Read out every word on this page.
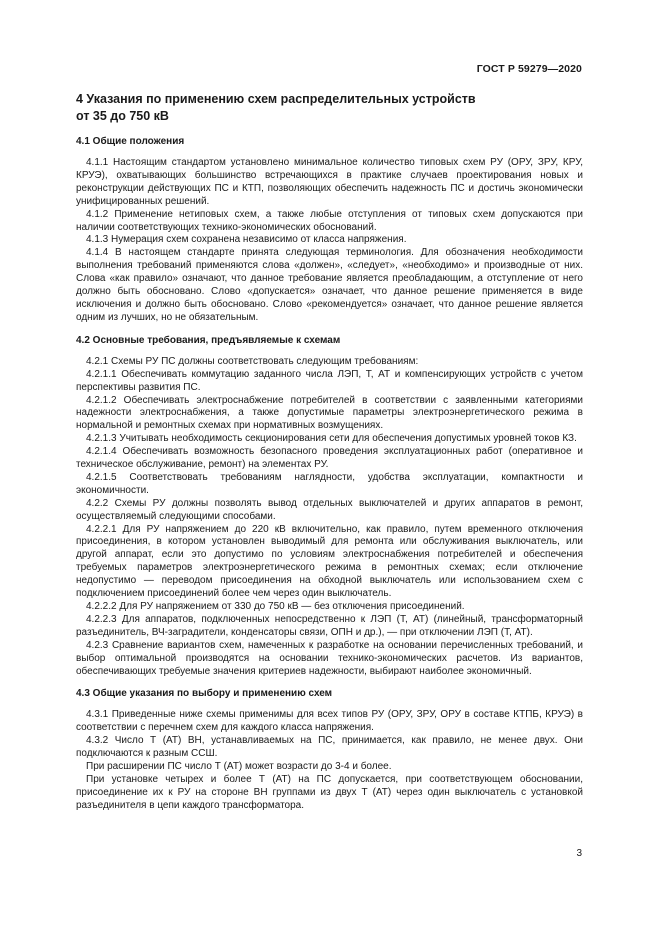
ГОСТ Р 59279—2020
4 Указания по применению схем распределительных устройств
от 35 до 750 кВ
4.1 Общие положения

4.1.1 Настоящим стандартом установлено минимальное количество типовых схем РУ (ОРУ, ЗРУ, КРУ, КРУЭ), охватывающих большинство встречающихся в практике случаев проектирования новых и реконструкции действующих ПС и КТП, позволяющих обеспечить надежность ПС и достичь экономически унифицированных решений.

4.1.2 Применение нетиповых схем, а также любые отступления от типовых схем допускаются при наличии соответствующих технико-экономических обоснований.

4.1.3 Нумерация схем сохранена независимо от класса напряжения.

4.1.4 В настоящем стандарте принята следующая терминология. Для обозначения необходимости выполнения требований применяются слова «должен», «следует», «необходимо» и производные от них. Слова «как правило» означают, что данное требование является преобладающим, а отступление от него должно быть обосновано. Слово «допускается» означает, что данное решение применяется в виде исключения и должно быть обосновано. Слово «рекомендуется» означает, что данное решение является одним из лучших, но не обязательным.

4.2 Основные требования, предъявляемые к схемам

4.2.1 Схемы РУ ПС должны соответствовать следующим требованиям:

4.2.1.1 Обеспечивать коммутацию заданного числа ЛЭП, Т, АТ и компенсирующих устройств с учетом перспективы развития ПС.

4.2.1.2 Обеспечивать электроснабжение потребителей в соответствии с заявленными категориями надежности электроснабжения, а также допустимые параметры электроэнергетического режима в нормальной и ремонтных схемах при нормативных возмущениях.

4.2.1.3 Учитывать необходимость секционирования сети для обеспечения допустимых уровней токов КЗ.

4.2.1.4 Обеспечивать возможность безопасного проведения эксплуатационных работ (оперативное и техническое обслуживание, ремонт) на элементах РУ.

4.2.1.5 Соответствовать требованиям наглядности, удобства эксплуатации, компактности и экономичности.

4.2.2 Схемы РУ должны позволять вывод отдельных выключателей и других аппаратов в ремонт, осуществляемый следующими способами.

4.2.2.1 Для РУ напряжением до 220 кВ включительно, как правило, путем временного отключения присоединения, в котором установлен выводимый для ремонта или обслуживания выключатель, или другой аппарат, если это допустимо по условиям электроснабжения потребителей и обеспечения требуемых параметров электроэнергетического режима в ремонтных схемах; если отключение недопустимо — переводом присоединения на обходной выключатель или использованием схем с подключением присоединений более чем через один выключатель.

4.2.2.2 Для РУ напряжением от 330 до 750 кВ — без отключения присоединений.

4.2.2.3 Для аппаратов, подключенных непосредственно к ЛЭП (Т, АТ) (линейный, трансформаторный разъединитель, ВЧ-заградители, конденсаторы связи, ОПН и др.), — при отключении ЛЭП (Т, АТ).

4.2.3 Сравнение вариантов схем, намеченных к разработке на основании перечисленных требований, и выбор оптимальной производятся на основании технико-экономических расчетов. Из вариантов, обеспечивающих требуемые значения критериев надежности, выбирают наиболее экономичный.

4.3 Общие указания по выбору и применению схем

4.3.1 Приведенные ниже схемы применимы для всех типов РУ (ОРУ, ЗРУ, ОРУ в составе КТПБ, КРУЭ) в соответствии с перечнем схем для каждого класса напряжения.

4.3.2 Число Т (АТ) ВН, устанавливаемых на ПС, принимается, как правило, не менее двух. Они подключаются к разным ССШ.

При расширении ПС число Т (АТ) может возрасти до 3-4 и более.

При установке четырех и более Т (АТ) на ПС допускается, при соответствующем обосновании, присоединение их к РУ на стороне ВН группами из двух Т (АТ) через один выключатель с установкой разъединителя в цепи каждого трансформатора.

3
